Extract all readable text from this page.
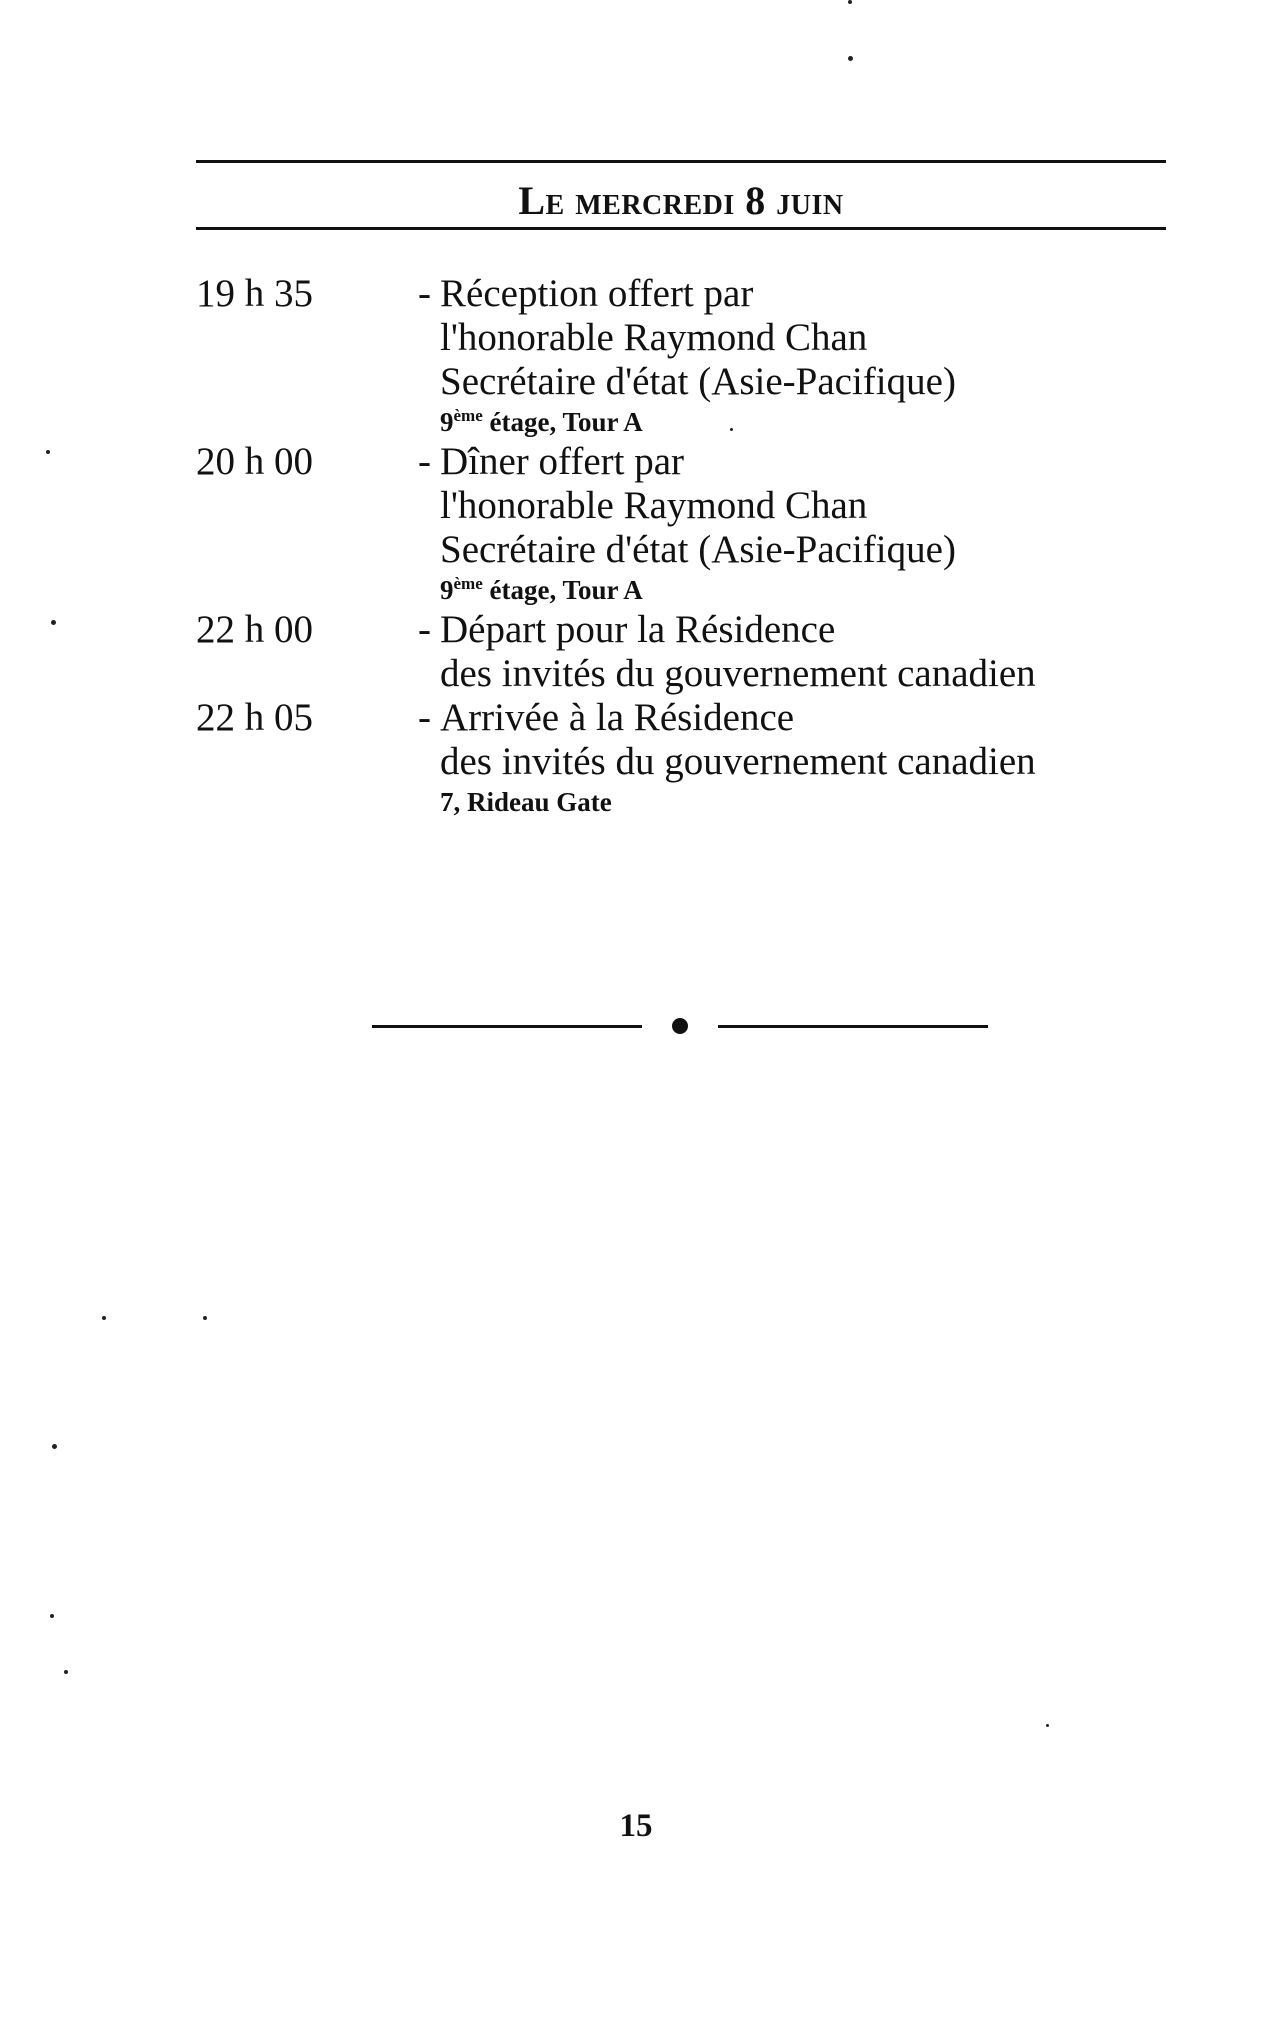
Le mercredi 8 juin
19 h 35	- Réception offert par
l'honorable Raymond Chan
Secrétaire d'état (Asie-Pacifique)
9ème étage, Tour A
20 h 00	- Dîner offert par
l'honorable Raymond Chan
Secrétaire d'état (Asie-Pacifique)
9ème étage, Tour A
22 h 00	- Départ pour la Résidence
des invités du gouvernement canadien
22 h 05	- Arrivée à la Résidence
des invités du gouvernement canadien
7, Rideau Gate
15
